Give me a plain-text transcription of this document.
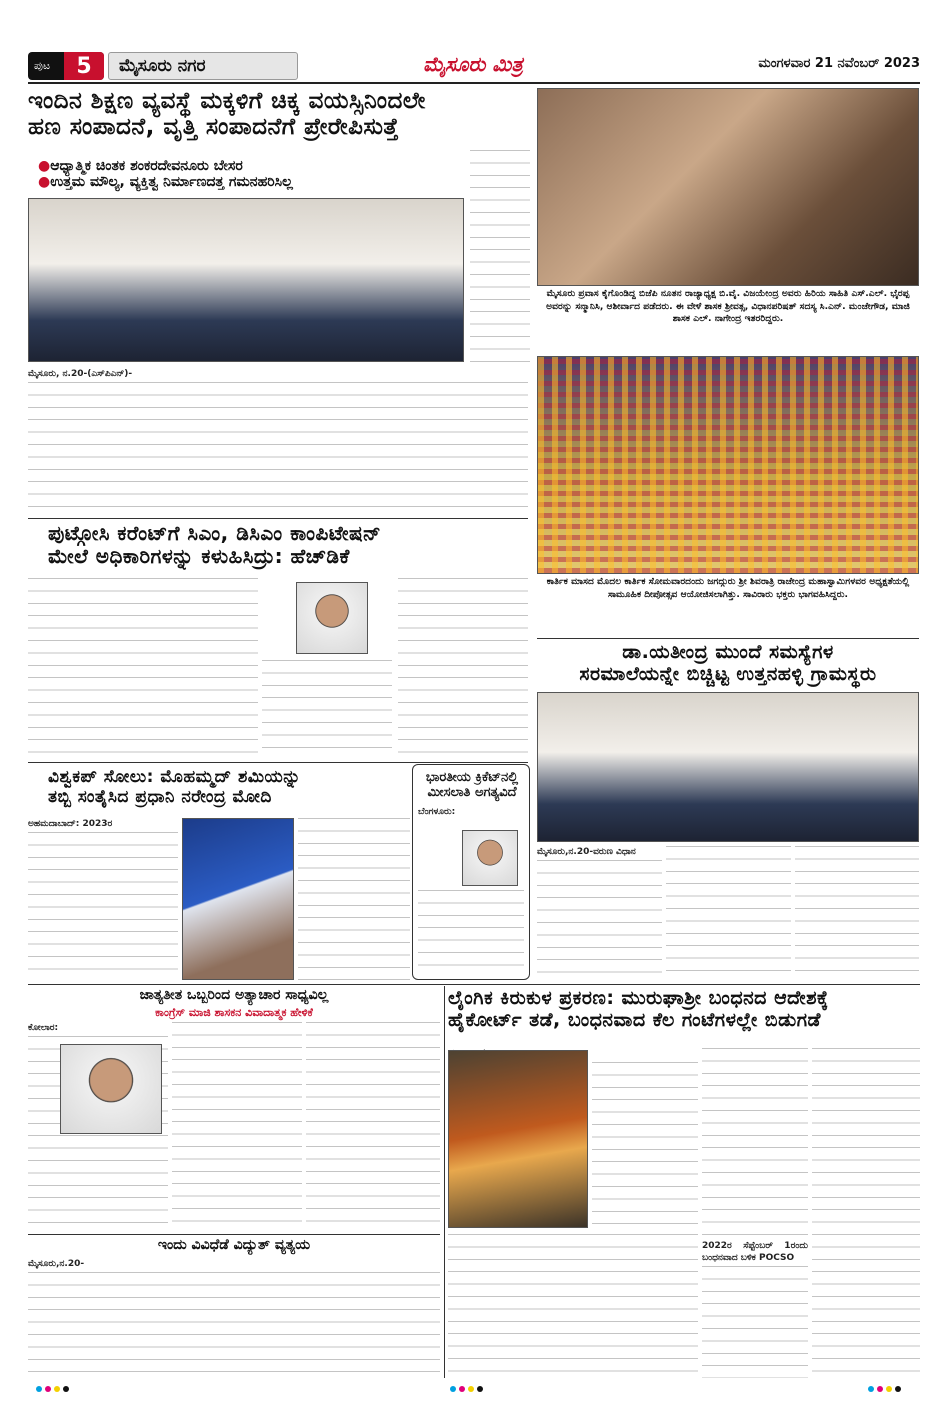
ಪುಟ	5	ಮೈಸೂರು ನಗರ	ಮೈಸೂರು ಮಿತ್ರ	ಮಂಗಳವಾರ 21 ನವೆಂಬರ್ 2023
ಇಂದಿನ ಶಿಕ್ಷಣ ವ್ಯವಸ್ಥೆ ಮಕ್ಕಳಿಗೆ ಚಿಕ್ಕ ವಯಸ್ಸಿನಿಂದಲೇ
ಹಣ ಸಂಪಾದನೆ, ವೃತ್ತಿ ಸಂಪಾದನೆಗೆ ಪ್ರೇರೇಪಿಸುತ್ತೆ
●ಆಧ್ಯಾತ್ಮಿಕ ಚಿಂತಕ ಶಂಕರದೇವನೂರು ಬೇಸರ
●ಉತ್ತಮ ಮೌಲ್ಯ, ವ್ಯಕ್ತಿತ್ವ ನಿರ್ಮಾಣದತ್ತ ಗಮನಹರಿಸಿಲ್ಲ
ಮೈಸೂರು, ನ.20-(ಎಸ್‌ಪಿಎನ್)-
ಮೈಸೂರು ಪ್ರವಾಸ ಕೈಗೊಂಡಿದ್ದ ಬಿಜೆಪಿ ನೂತನ ರಾಜ್ಯಾಧ್ಯಕ್ಷ ಬಿ.ವೈ. ವಿಜಯೇಂದ್ರ ಅವರು ಹಿರಿಯ ಸಾಹಿತಿ ಎಸ್.ಎಲ್. ಭೈರಪ್ಪ ಅವರನ್ನು ಸನ್ಮಾನಿಸಿ, ಆಶೀರ್ವಾದ ಪಡೆದರು. ಈ ವೇಳೆ ಶಾಸಕ ಶ್ರೀವತ್ಸ, ವಿಧಾನಪರಿಷತ್ ಸದಸ್ಯ ಸಿ.ಎನ್. ಮಂಜೇಗೌಡ, ಮಾಜಿ ಶಾಸಕ ಎಲ್. ನಾಗೇಂದ್ರ ಇತರರಿದ್ದರು.
ಕಾರ್ತಿಕ ಮಾಸದ ಮೊದಲ ಕಾರ್ತಿಕ ಸೋಮವಾರದಂದು ಜಗದ್ಗುರು ಶ್ರೀ ಶಿವರಾತ್ರಿ ರಾಜೇಂದ್ರ ಮಹಾಸ್ವಾಮಿಗಳವರ ಅಧ್ಯಕ್ಷತೆಯಲ್ಲಿ ಸಾಮೂಹಿಕ ದೀಪೋತ್ಸವ ಆಯೋಜಿಸಲಾಗಿತ್ತು. ಸಾವಿರಾರು ಭಕ್ತರು ಭಾಗವಹಿಸಿದ್ದರು.
ಪುಟ್ಗೋಸಿ ಕರೆಂಟ್‌ಗೆ ಸಿಎಂ, ಡಿಸಿಎಂ ಕಾಂಪಿಟೇಷನ್
ಮೇಲೆ ಅಧಿಕಾರಿಗಳನ್ನು ಕಳುಹಿಸಿದ್ರು: ಹೆಚ್‌ಡಿಕೆ
ಡಾ.ಯತೀಂದ್ರ ಮುಂದೆ ಸಮಸ್ಯೆಗಳ
ಸರಮಾಲೆಯನ್ನೇ ಬಿಚ್ಚಿಟ್ಟ ಉತ್ತನಹಳ್ಳಿ ಗ್ರಾಮಸ್ಥರು
ಮೈಸೂರು,ನ.20-ವರುಣ ವಿಧಾನ
ವಿಶ್ವಕಪ್ ಸೋಲು: ಮೊಹಮ್ಮದ್ ಶಮಿಯನ್ನು
ತಬ್ಬಿ ಸಂತೈಸಿದ ಪ್ರಧಾನಿ ನರೇಂದ್ರ ಮೋದಿ
ಅಹಮದಾಬಾದ್: 2023ರ
ಭಾರತೀಯ ಕ್ರಿಕೆಟ್‌ನಲ್ಲಿ
ಮೀಸಲಾತಿ ಅಗತ್ಯವಿದೆ
ಬೆಂಗಳೂರು:
ಜಾತ್ಯತೀತ ಒಬ್ಬರಿಂದ ಅತ್ಯಾಚಾರ ಸಾಧ್ಯವಿಲ್ಲ
ಕಾಂಗ್ರೆಸ್ ಮಾಜಿ ಶಾಸಕನ ವಿವಾದಾತ್ಮಕ ಹೇಳಿಕೆ
ಕೋಲಾರ:
ಇಂದು ವಿವಿಧೆಡೆ ವಿದ್ಯುತ್ ವ್ಯತ್ಯಯ
ಮೈಸೂರು,ನ.20-
ಲೈಂಗಿಕ ಕಿರುಕುಳ ಪ್ರಕರಣ: ಮುರುಘಾಶ್ರೀ ಬಂಧನದ ಆದೇಶಕ್ಕೆ
ಹೈಕೋರ್ಟ್ ತಡೆ, ಬಂಧನವಾದ ಕೆಲ ಗಂಟೆಗಳಲ್ಲೇ ಬಿಡುಗಡೆ
2022ರ ಸೆಪ್ಟೆಂಬರ್ 1ರಂದು ಬಂಧನವಾದ ಬಳಿಕ POCSO
